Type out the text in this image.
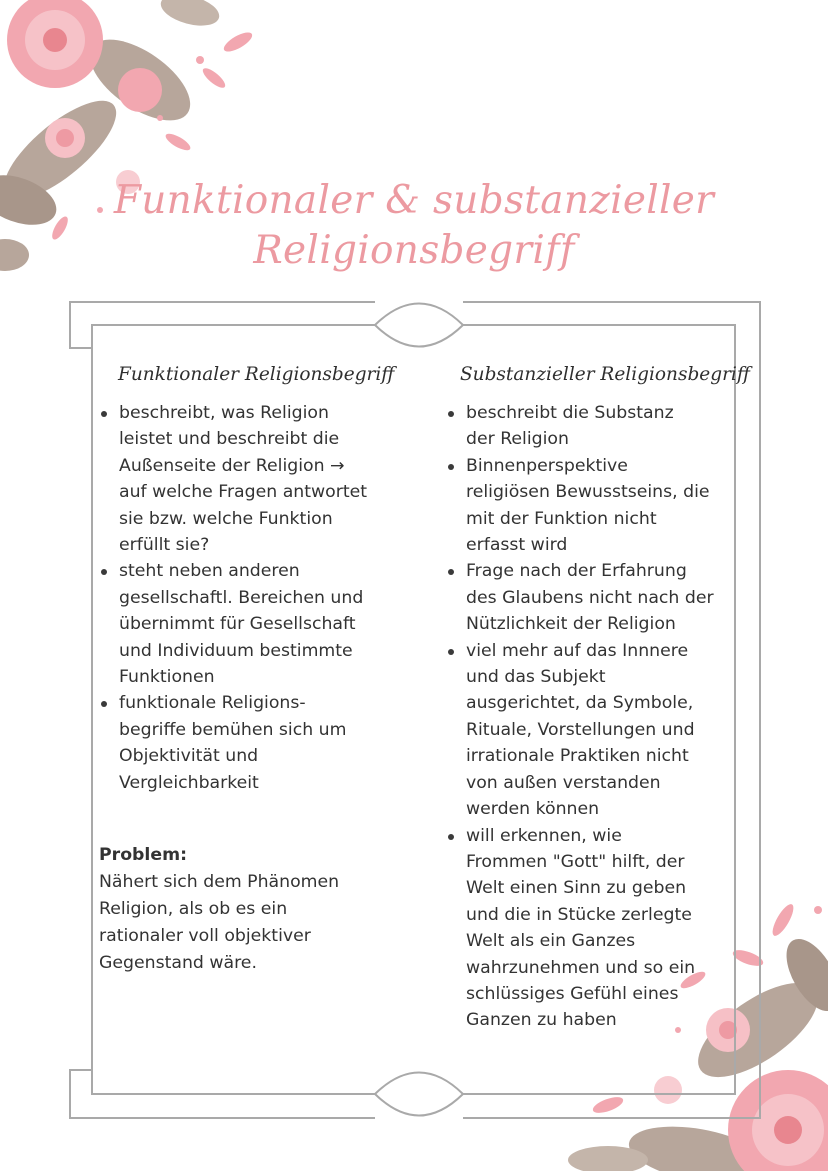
Funktionaler & substanzieller
Religionsbegriff
Funktionaler Religionsbegriff	Substanzieller Religionsbegriff
beschreibt, was Religion
leistet und beschreibt die
Außenseite der Religion →
auf welche Fragen antwortet
sie bzw. welche Funktion
erfüllt sie?
steht neben anderen
gesellschaftl. Bereichen und
übernimmt für Gesellschaft
und Individuum bestimmte
Funktionen
funktionale Religions-
begriffe bemühen sich um
Objektivität und
Vergleichbarkeit
Problem:
Nähert sich dem Phänomen
Religion, als ob es ein
rationaler voll objektiver
Gegenstand wäre.
beschreibt die Substanz
der Religion
Binnenperspektive
religiösen Bewusstseins, die
mit der Funktion nicht
erfasst wird
Frage nach der Erfahrung
des Glaubens nicht nach der
Nützlichkeit der Religion
viel mehr auf das Innnere
und das Subjekt
ausgerichtet, da Symbole,
Rituale, Vorstellungen und
irrationale Praktiken nicht
von außen verstanden
werden können
will erkennen, wie
Frommen "Gott" hilft, der
Welt einen Sinn zu geben
und die in Stücke zerlegte
Welt als ein Ganzes
wahrzunehmen und so ein
schlüssiges Gefühl eines
Ganzen zu haben
